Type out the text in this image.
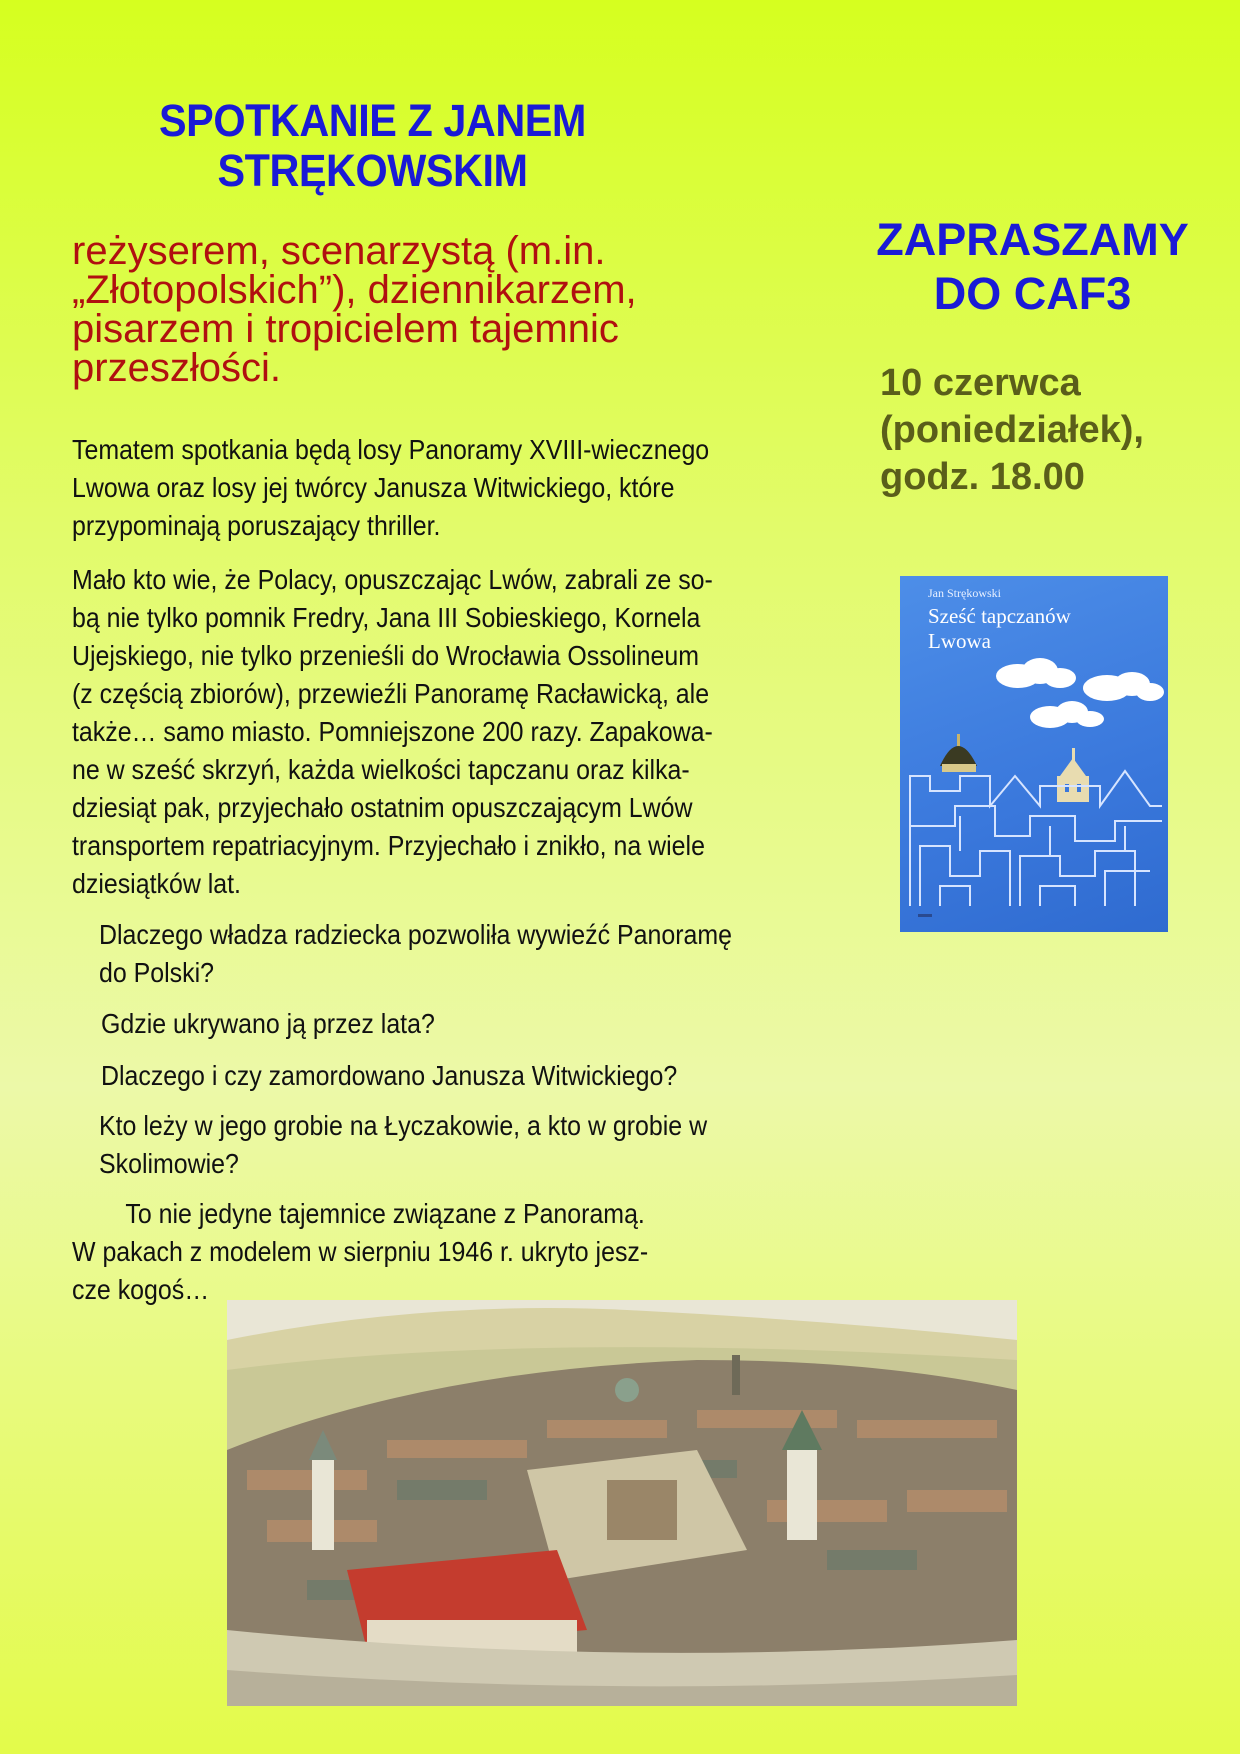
SPOTKANIE Z JANEM
STRĘKOWSKIM
reżyserem, scenarzystą (m.in.
„Złotopolskich”), dziennikarzem,
pisarzem i tropicielem tajemnic
przeszłości.
Tematem spotkania będą losy Panoramy XVIII-wiecznego
Lwowa oraz losy jej twórcy Janusza Witwickiego, które
przypominają poruszający thriller.
Mało kto wie, że Polacy, opuszczając Lwów, zabrali ze so-
bą nie tylko pomnik Fredry, Jana III Sobieskiego, Kornela
Ujejskiego, nie tylko przenieśli do Wrocławia Ossolineum
(z częścią zbiorów), przewieźli Panoramę Racławicką, ale
także… samo miasto. Pomniejszone 200 razy. Zapakowa-
ne w sześć skrzyń, każda wielkości tapczanu oraz kilka-
dziesiąt pak, przyjechało ostatnim opuszczającym Lwów
transportem repatriacyjnym. Przyjechało i znikło, na wiele
dziesiątków lat.
Dlaczego władza radziecka pozwoliła wywieźć Panoramę
do Polski?
Gdzie ukrywano ją przez lata?
Dlaczego i czy zamordowano Janusza Witwickiego?
Kto leży w jego grobie na Łyczakowie, a kto w grobie w
Skolimowie?
To nie jedyne tajemnice związane z Panoramą.
W pakach z modelem w sierpniu 1946 r. ukryto jesz-
cze kogoś…
ZAPRASZAMY
DO CAF3
10 czerwca
(poniedziałek),
godz. 18.00
Jan Strękowski
Sześć tapczanów
Lwowa
